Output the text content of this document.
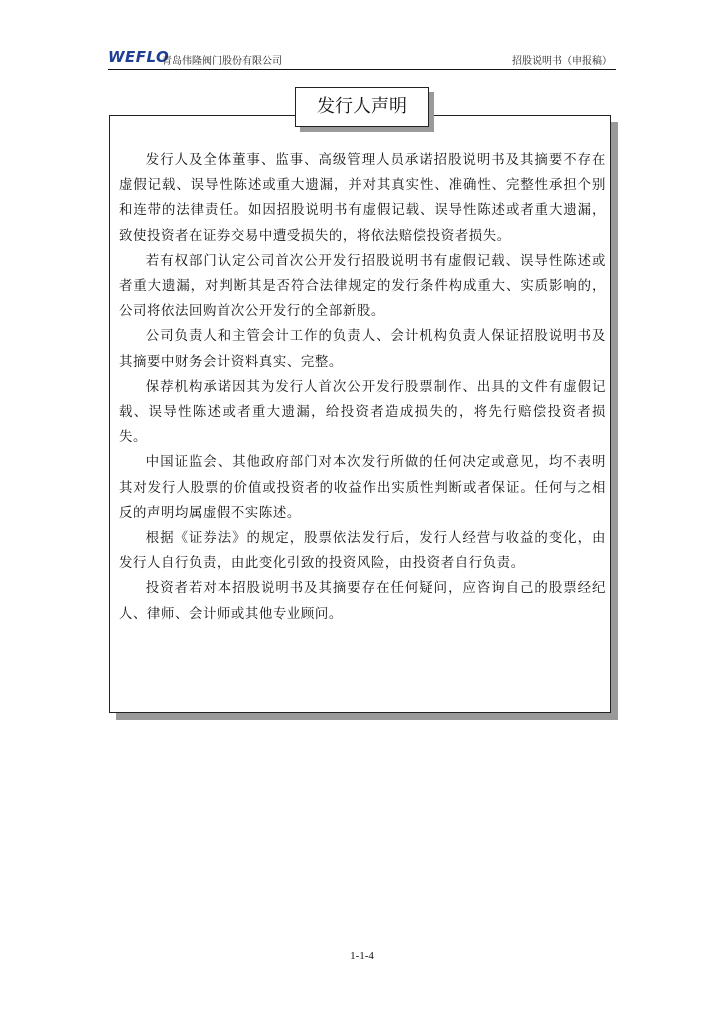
WEFLO
青岛伟隆阀门股份有限公司	招股说明书（申报稿）
发行人声明

发行人及全体董事、监事、高级管理人员承诺招股说明书及其摘要不存在虚假记载、误导性陈述或重大遗漏，并对其真实性、准确性、完整性承担个别和连带的法律责任。如因招股说明书有虚假记载、误导性陈述或者重大遗漏，致使投资者在证券交易中遭受损失的，将依法赔偿投资者损失。

若有权部门认定公司首次公开发行招股说明书有虚假记载、误导性陈述或者重大遗漏，对判断其是否符合法律规定的发行条件构成重大、实质影响的，公司将依法回购首次公开发行的全部新股。

公司负责人和主管会计工作的负责人、会计机构负责人保证招股说明书及其摘要中财务会计资料真实、完整。

保荐机构承诺因其为发行人首次公开发行股票制作、出具的文件有虚假记载、误导性陈述或者重大遗漏，给投资者造成损失的，将先行赔偿投资者损失。

中国证监会、其他政府部门对本次发行所做的任何决定或意见，均不表明其对发行人股票的价值或投资者的收益作出实质性判断或者保证。任何与之相反的声明均属虚假不实陈述。

根据《证券法》的规定，股票依法发行后，发行人经营与收益的变化，由发行人自行负责，由此变化引致的投资风险，由投资者自行负责。

投资者若对本招股说明书及其摘要存在任何疑问，应咨询自己的股票经纪人、律师、会计师或其他专业顾问。

1-1-4
